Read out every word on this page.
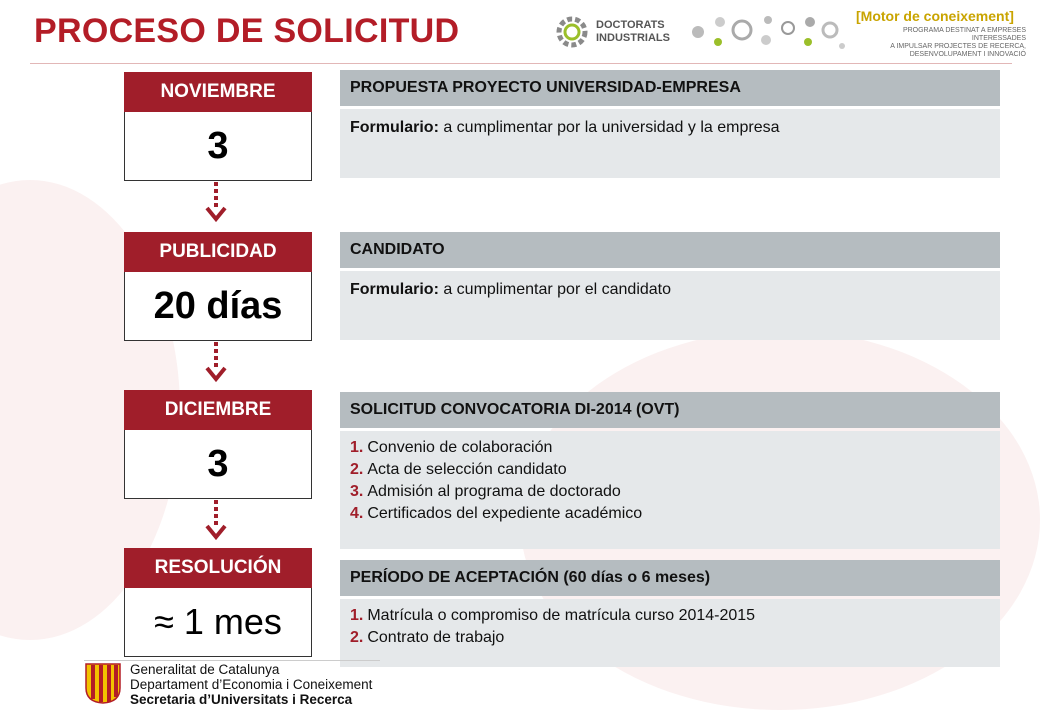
PROCESO DE SOLICITUD	DOCTORATS
INDUSTRIALS
[Motor de coneixement]
PROGRAMA DESTINAT A EMPRESES INTERESSADES
A IMPULSAR PROJECTES DE RECERCA,
DESENVOLUPAMENT I INNOVACIÓ
NOVIEMBRE
3
PUBLICIDAD
20 días
DICIEMBRE
3
RESOLUCIÓN
≈ 1 mes
PROPUESTA PROYECTO UNIVERSIDAD-EMPRESA
Formulario: a cumplimentar por la universidad y la empresa
CANDIDATO
Formulario: a cumplimentar por el candidato
SOLICITUD CONVOCATORIA DI-2014 (OVT)
1. Convenio de colaboración
2. Acta de selección candidato
3. Admisión al programa de doctorado
4. Certificados del expediente académico
PERÍODO DE ACEPTACIÓN (60 días o 6 meses)
1. Matrícula o compromiso de matrícula curso 2014-2015
2. Contrato de trabajo
Generalitat de Catalunya
Departament d’Economia i Coneixement
Secretaria d’Universitats i Recerca
